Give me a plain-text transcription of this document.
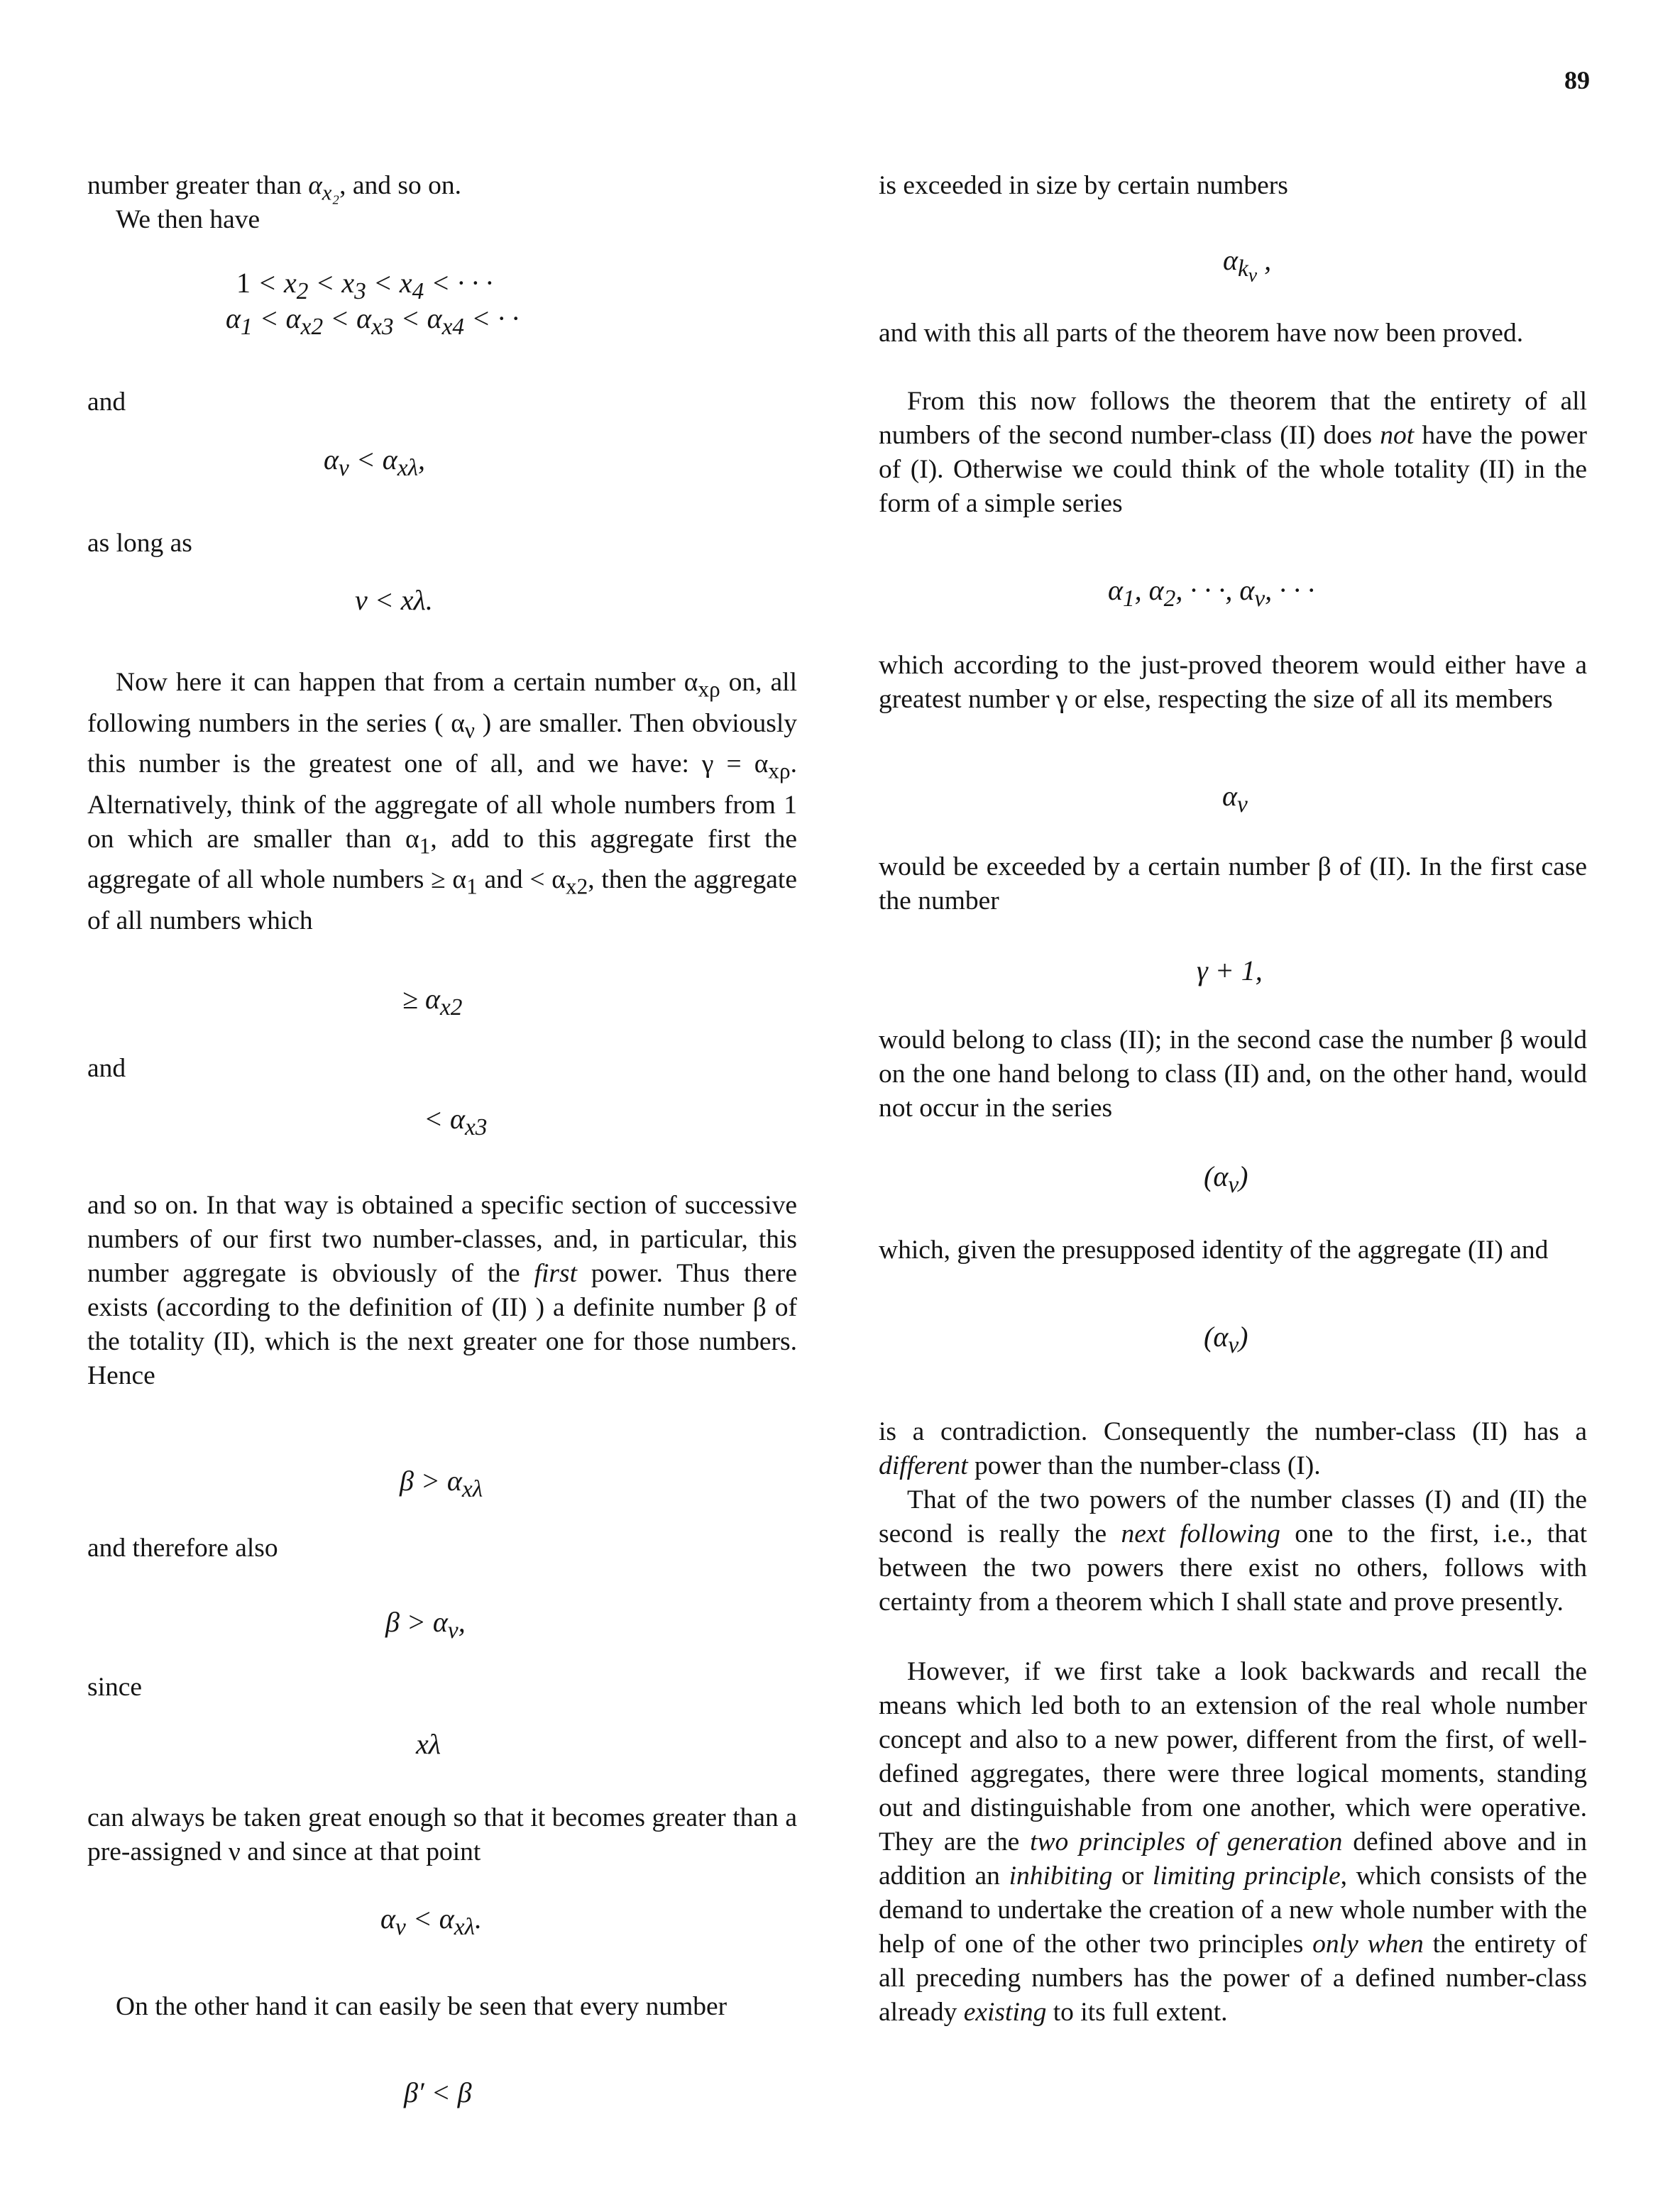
89

number greater than $\alpha_{x_2}$, and so on.

We then have

$1 < x_2 < x_3 < x_4$ < · · ·
$\alpha_1 < \alpha_{x2} < \alpha_{x3} < \alpha_{x4}$ < · ·
and
$\alpha_\nu < \alpha_{x\lambda}$,
as long as
ν < xλ.
Now here it can happen that from a certain number $\alpha_{x\rho}$ on, all following numbers in the series ( $\alpha_\nu$ ) are smaller. Then obviously this number is the greatest one of all, and we have: $\gamma = \alpha_{x\rho}$. Alternatively, think of the aggregate of all whole numbers from 1 on which are smaller than $\alpha_1$, add to this aggregate first the aggregate of all whole numbers ≥ $\alpha_1$ and < $\alpha_{x2}$, then the aggregate of all numbers which
≥ $\alpha_{x2}$
and
< $\alpha_{x3}$
and so on. In that way is obtained a specific section of successive numbers of our first two number-classes, and, in particular, this number aggregate is obviously of the first power. Thus there exists (according to the definition of (II) ) a definite number β of the totality (II), which is the next greater one for those numbers. Hence
$\beta > \alpha_{x\lambda}$
and therefore also
$\beta > \alpha_\nu$,
since
xλ
can always be taken great enough so that it becomes greater than a pre-assigned ν and since at that point
$\alpha_\nu < \alpha_{x\lambda}$.
On the other hand it can easily be seen that every number
β′ < β

is exceeded in size by certain numbers

$\alpha_{k_\nu}$ ,
and with this all parts of the theorem have now been proved.
From this now follows the theorem that the entirety of all numbers of the second number-class (II) does not have the power of (I). Otherwise we could think of the whole totality (II) in the form of a simple series
$\alpha_1$, $\alpha_2$, · · ·, $\alpha_\nu$, · · ·
which according to the just-proved theorem would either have a greatest number γ or else, respecting the size of all its members
$\alpha_\nu$
would be exceeded by a certain number β of (II). In the first case the number
γ + 1,
would belong to class (II); in the second case the number β would on the one hand belong to class (II) and, on the other hand, would not occur in the series
$(\alpha_\nu)$
which, given the presupposed identity of the aggregate (II) and
$(\alpha_\nu)$
is a contradiction. Consequently the number-class (II) has a different power than the number-class (I).
That of the two powers of the number classes (I) and (II) the second is really the next following one to the first, i.e., that between the two powers there exist no others, follows with certainty from a theorem which I shall state and prove presently.
However, if we first take a look backwards and recall the means which led both to an extension of the real whole number concept and also to a new power, different from the first, of well-defined aggregates, there were three logical moments, standing out and distinguishable from one another, which were operative. They are the two principles of generation defined above and in addition an inhibiting or limiting principle, which consists of the demand to undertake the creation of a new whole number with the help of one of the other two principles only when the entirety of all preceding numbers has the power of a defined number-class already existing to its full extent.
